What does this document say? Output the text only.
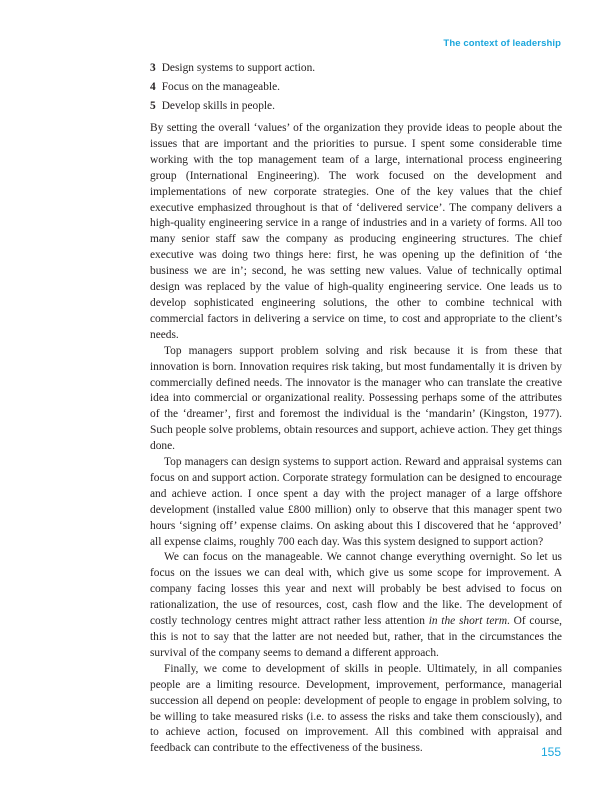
The context of leadership
3 Design systems to support action.
4 Focus on the manageable.
5 Develop skills in people.

By setting the overall ‘values’ of the organization they provide ideas to people about the issues that are important and the priorities to pursue. I spent some considerable time working with the top management team of a large, international process engineering group (International Engineering). The work focused on the development and implementations of new corporate strategies. One of the key values that the chief executive emphasized throughout is that of ‘delivered service’. The company delivers a high-quality engineering service in a range of industries and in a variety of forms. All too many senior staff saw the company as producing engineering structures. The chief executive was doing two things here: first, he was opening up the definition of ‘the business we are in’; second, he was setting new values. Value of technically optimal design was replaced by the value of high-quality engineering service. One leads us to develop sophisticated engineering solutions, the other to combine technical with commercial factors in delivering a service on time, to cost and appropriate to the client’s needs.

Top managers support problem solving and risk because it is from these that innovation is born. Innovation requires risk taking, but most fundamentally it is driven by commercially defined needs. The innovator is the manager who can translate the creative idea into commercial or organizational reality. Possessing perhaps some of the attributes of the ‘dreamer’, first and foremost the individual is the ‘mandarin’ (Kingston, 1977). Such people solve problems, obtain resources and support, achieve action. They get things done.

Top managers can design systems to support action. Reward and appraisal systems can focus on and support action. Corporate strategy formulation can be designed to encourage and achieve action. I once spent a day with the project manager of a large offshore development (installed value £800 million) only to observe that this manager spent two hours ‘signing off’ expense claims. On asking about this I discovered that he ‘approved’ all expense claims, roughly 700 each day. Was this system designed to support action?

We can focus on the manageable. We cannot change everything overnight. So let us focus on the issues we can deal with, which give us some scope for improvement. A company facing losses this year and next will probably be best advised to focus on rationalization, the use of resources, cost, cash flow and the like. The development of costly technology centres might attract rather less attention in the short term. Of course, this is not to say that the latter are not needed but, rather, that in the circumstances the survival of the company seems to demand a different approach.

Finally, we come to development of skills in people. Ultimately, in all companies people are a limiting resource. Development, improvement, performance, managerial succession all depend on people: development of people to engage in problem solving, to be willing to take measured risks (i.e. to assess the risks and take them consciously), and to achieve action, focused on improvement. All this combined with appraisal and feedback can contribute to the effectiveness of the business.	155
